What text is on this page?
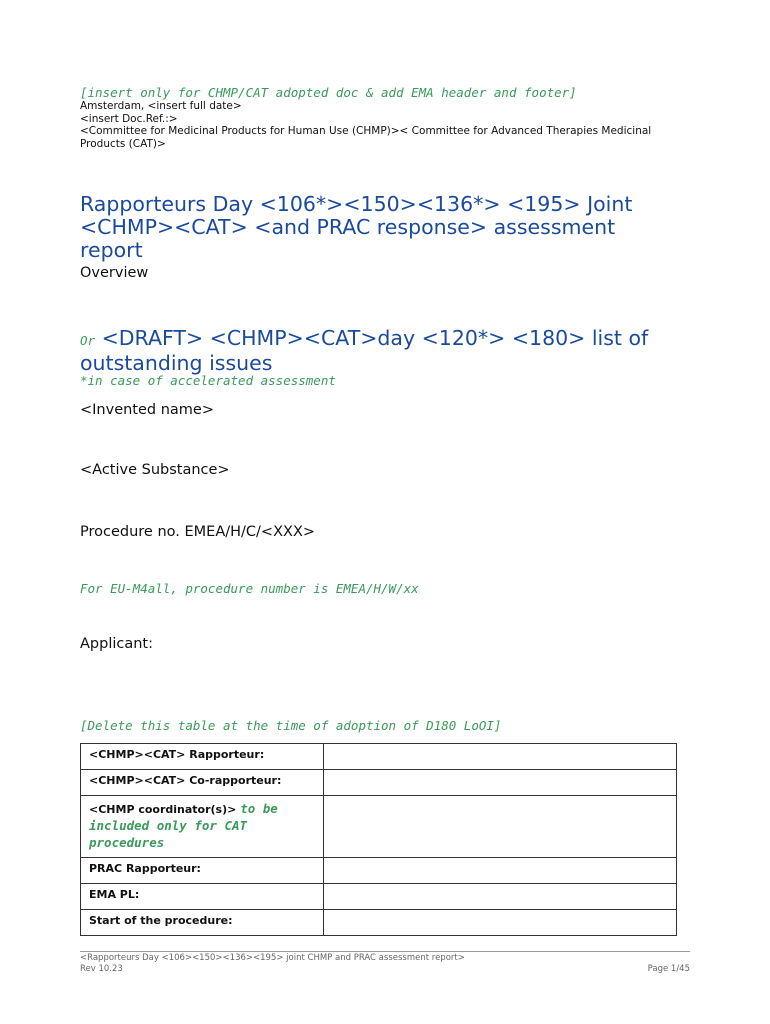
[insert only for CHMP/CAT adopted doc & add EMA header and footer]
Amsterdam, <insert full date>
<insert Doc.Ref.:>
<Committee for Medicinal Products for Human Use (CHMP)>< Committee for Advanced Therapies Medicinal Products (CAT)>
Rapporteurs Day <106*><150><136*> <195> Joint
<CHMP><CAT> <and PRAC response> assessment
report
Overview
Or <DRAFT> <CHMP><CAT>day <120*> <180> list of
outstanding issues
*in case of accelerated assessment
<Invented name>
<Active Substance>
Procedure no. EMEA/H/C/<XXX>
For EU-M4all, procedure number is EMEA/H/W/xx
Applicant:
[Delete this table at the time of adoption of D180 LoOI]
<CHMP><CAT> Rapporteur:	
<CHMP><CAT> Co-rapporteur:	
<CHMP coordinator(s)> to be included only for CAT procedures	
PRAC Rapporteur:	
EMA PL:	
Start of the procedure:	
<Rapporteurs Day <106><150><136><195> joint CHMP and PRAC assessment report>
Rev 10.23	Page 1/45
